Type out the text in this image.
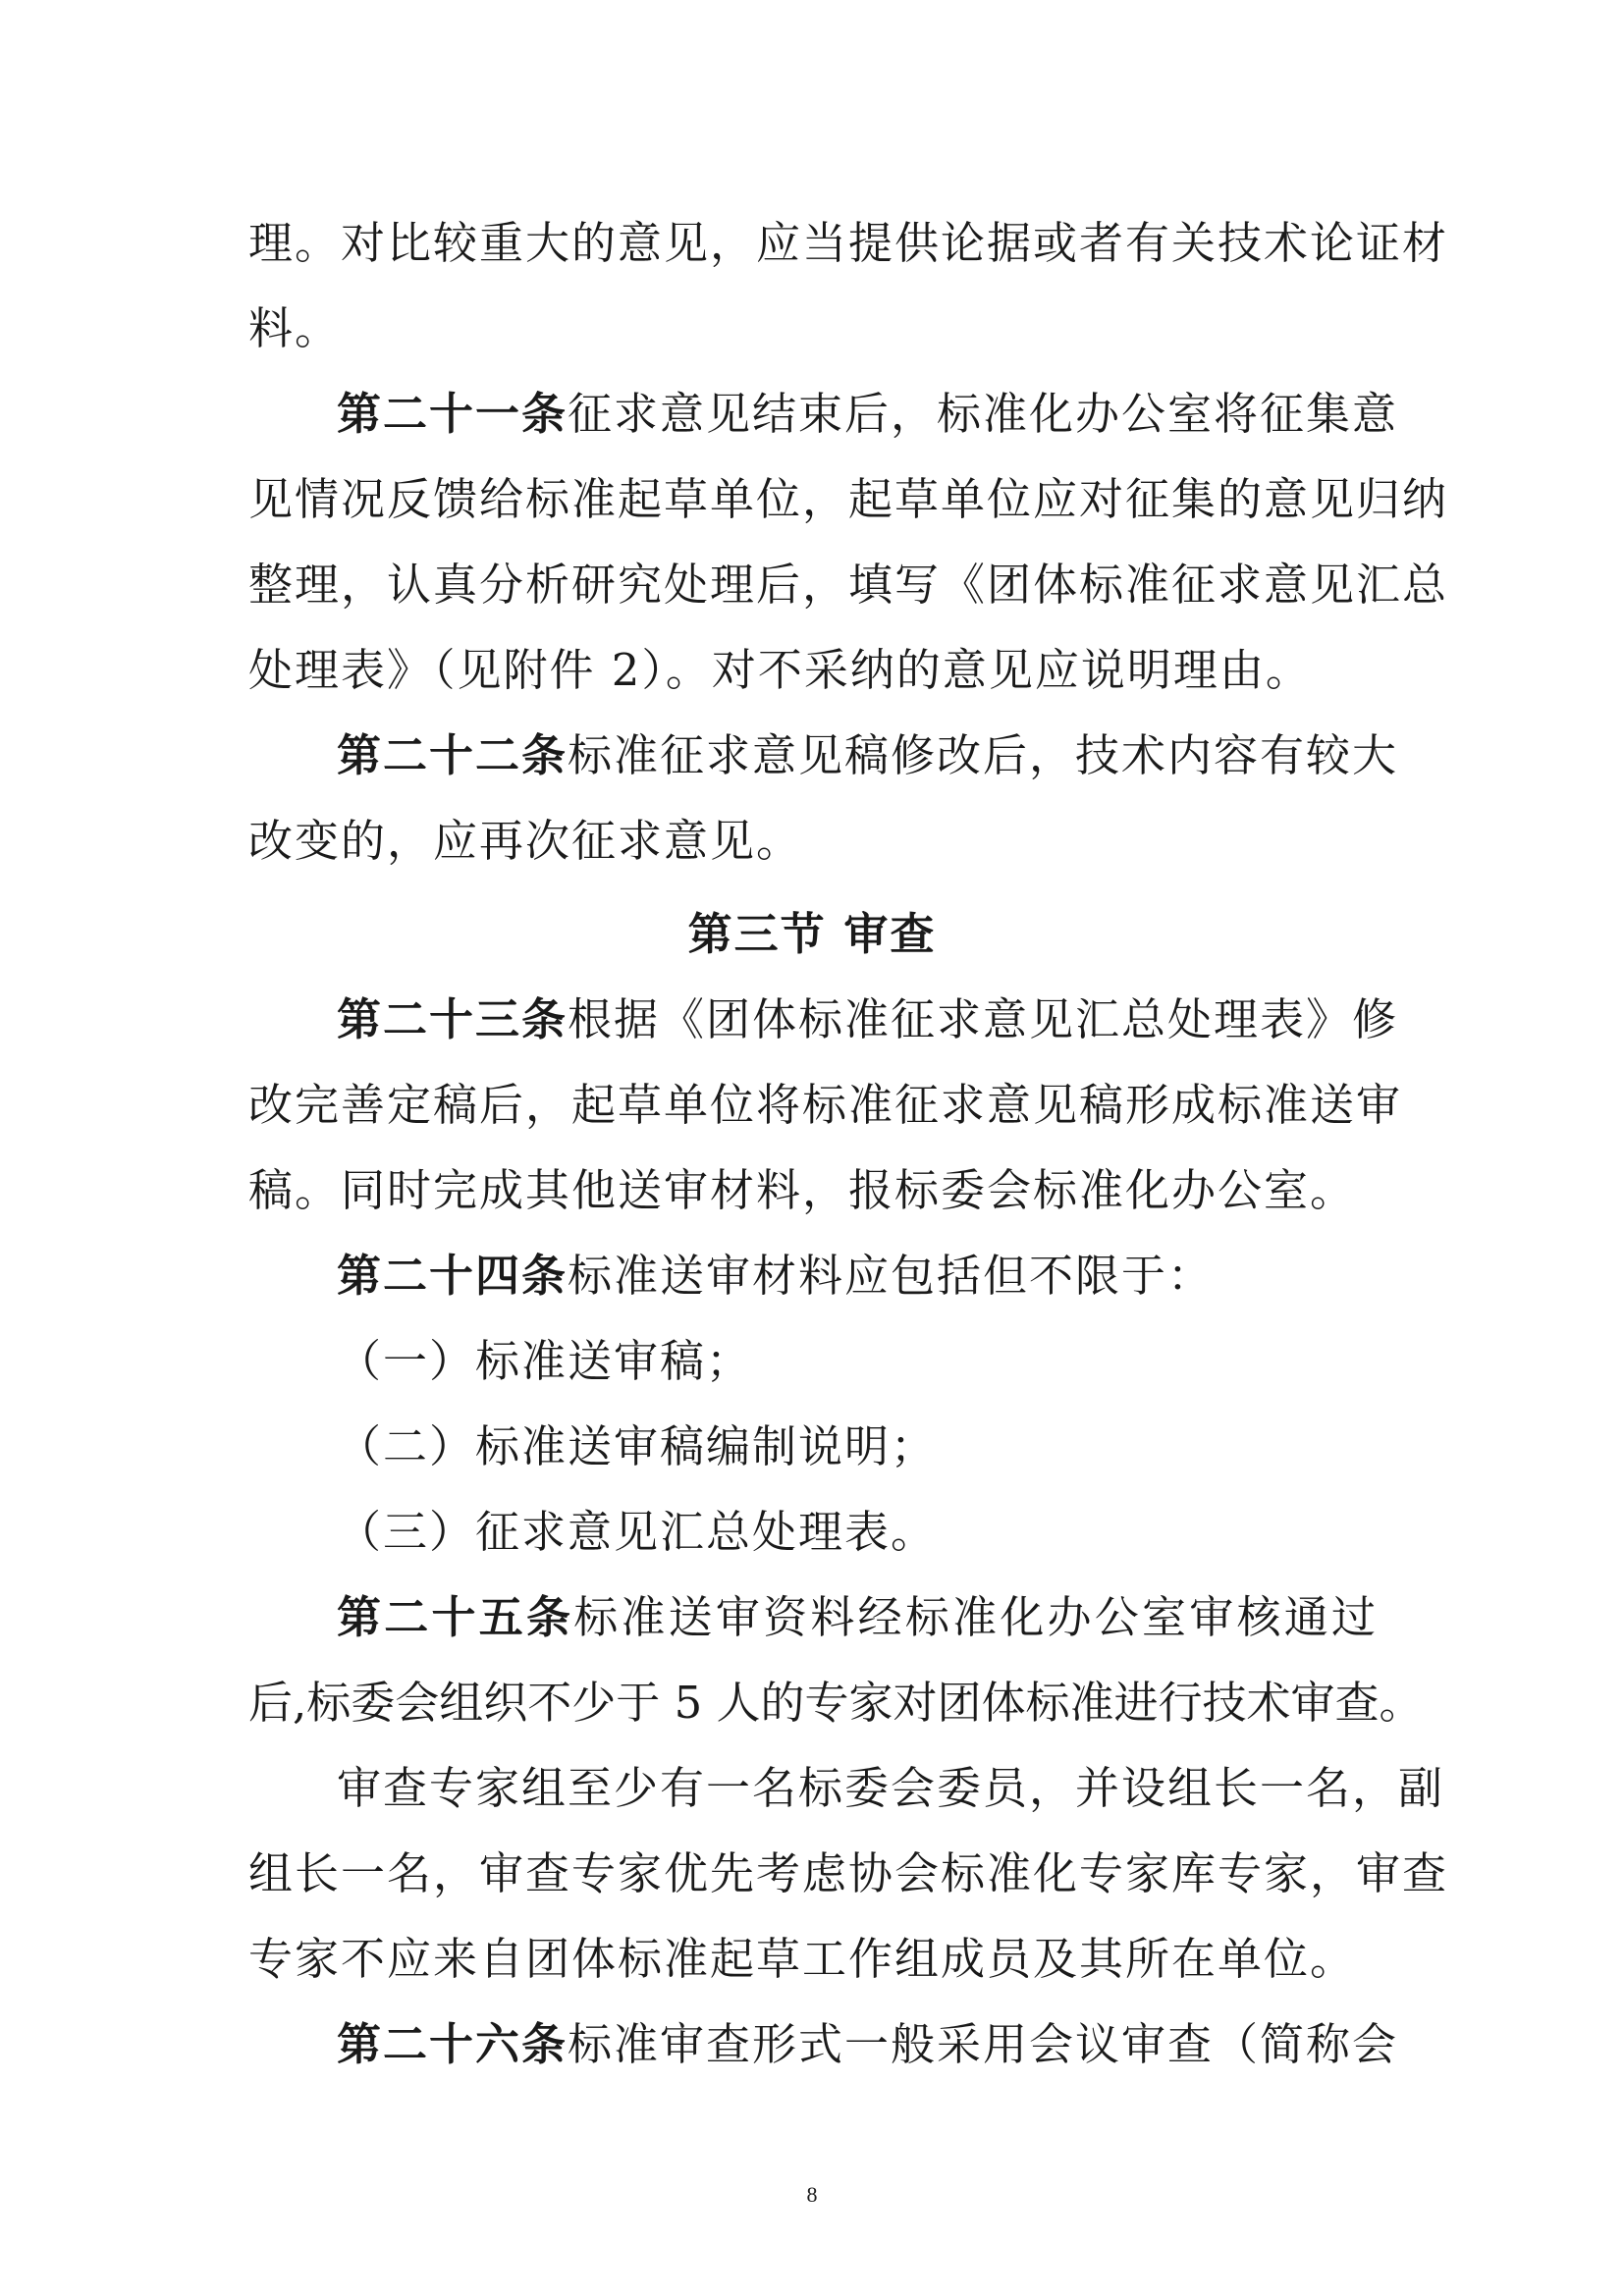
理。对比较重大的意见，应当提供论据或者有关技术论证材
料。
第二十一条征求意见结束后，标准化办公室将征集意
见情况反馈给标准起草单位，起草单位应对征集的意见归纳
整理，认真分析研究处理后，填写《团体标准征求意见汇总
处理表》（见附件 2）。对不采纳的意见应说明理由。
第二十二条标准征求意见稿修改后，技术内容有较大
改变的，应再次征求意见。
第三节 审查
第二十三条根据《团体标准征求意见汇总处理表》修
改完善定稿后，起草单位将标准征求意见稿形成标准送审
稿。同时完成其他送审材料，报标委会标准化办公室。
第二十四条标准送审材料应包括但不限于：
（一）标准送审稿；
（二）标准送审稿编制说明；
（三）征求意见汇总处理表。
第二十五条标准送审资料经标准化办公室审核通过
后,标委会组织不少于 5 人的专家对团体标准进行技术审查。
审查专家组至少有一名标委会委员，并设组长一名，副
组长一名，审查专家优先考虑协会标准化专家库专家，审查
专家不应来自团体标准起草工作组成员及其所在单位。
第二十六条标准审查形式一般采用会议审查（简称会
8
